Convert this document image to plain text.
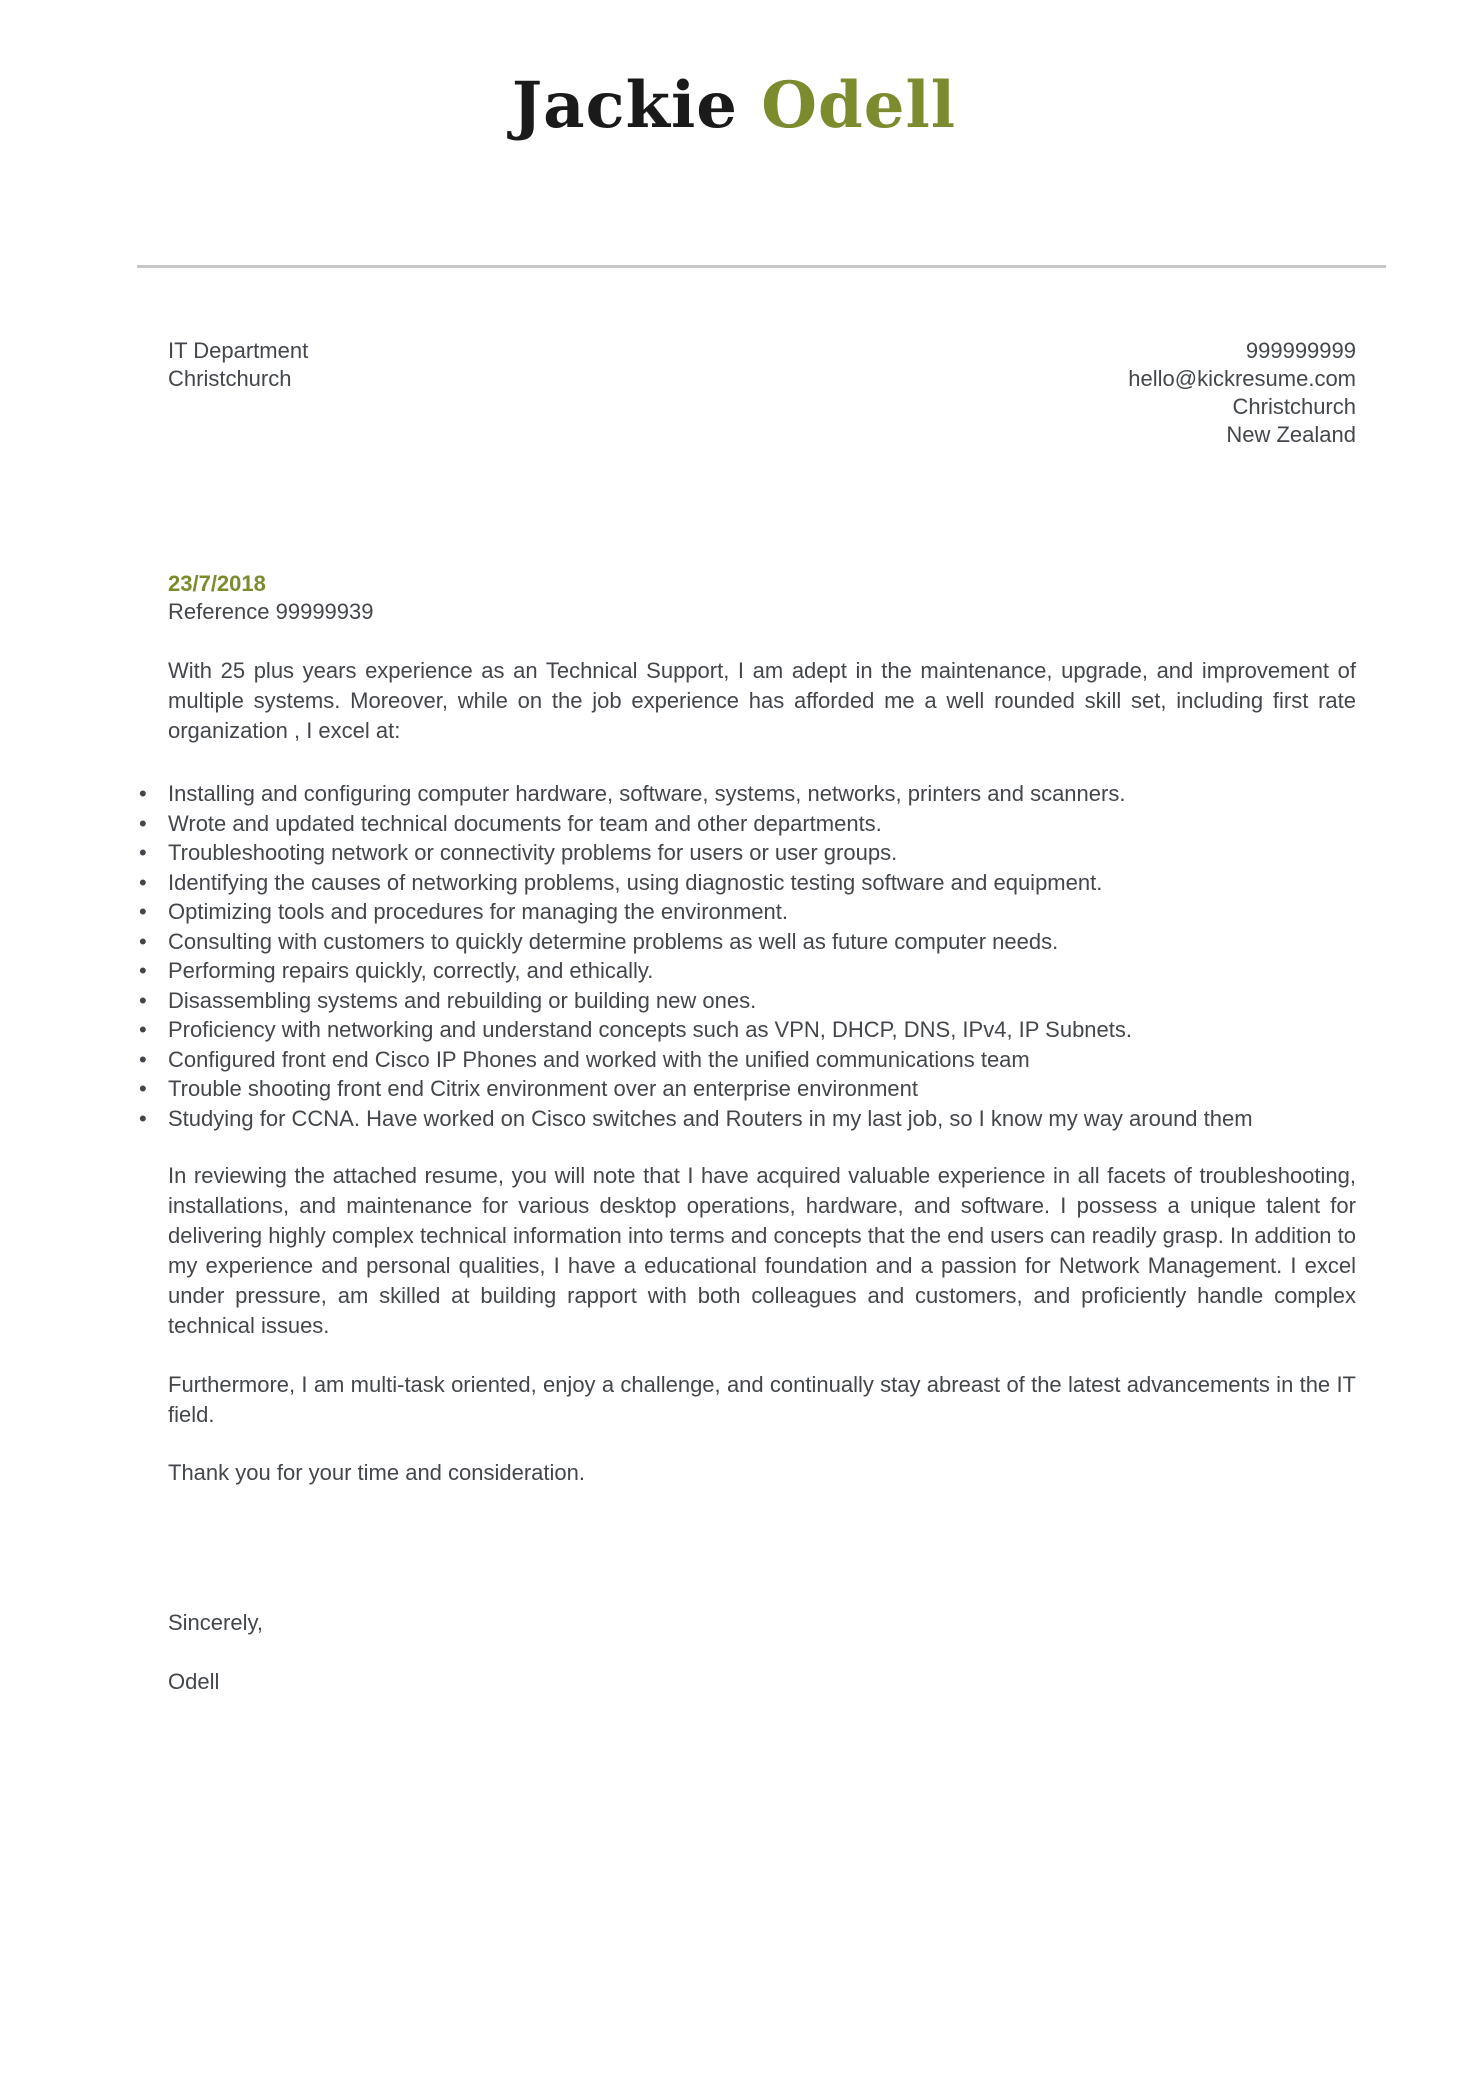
Jackie Odell
IT Department
Christchurch
999999999
hello@kickresume.com
Christchurch
New Zealand
23/7/2018
Reference 99999939

With 25 plus years experience as an Technical Support, I am adept in the maintenance, upgrade, and improvement of multiple systems. Moreover, while on the job experience has afforded me a well rounded skill set, including first rate organization , I excel at:

• Installing and configuring computer hardware, software, systems, networks, printers and scanners.
• Wrote and updated technical documents for team and other departments.
• Troubleshooting network or connectivity problems for users or user groups.
• Identifying the causes of networking problems, using diagnostic testing software and equipment.
• Optimizing tools and procedures for managing the environment.
• Consulting with customers to quickly determine problems as well as future computer needs.
• Performing repairs quickly, correctly, and ethically.
• Disassembling systems and rebuilding or building new ones.
• Proficiency with networking and understand concepts such as VPN, DHCP, DNS, IPv4, IP Subnets.
• Configured front end Cisco IP Phones and worked with the unified communications team
• Trouble shooting front end Citrix environment over an enterprise environment
• Studying for CCNA. Have worked on Cisco switches and Routers in my last job, so I know my way around them

In reviewing the attached resume, you will note that I have acquired valuable experience in all facets of troubleshooting, installations, and maintenance for various desktop operations, hardware, and software. I possess a unique talent for delivering highly complex technical information into terms and concepts that the end users can readily grasp. In addition to my experience and personal qualities, I have a educational foundation and a passion for Network Management. I excel under pressure, am skilled at building rapport with both colleagues and customers, and proficiently handle complex technical issues.

Furthermore, I am multi-task oriented, enjoy a challenge, and continually stay abreast of the latest advancements in the IT field.

Thank you for your time and consideration.

Sincerely,
Odell
